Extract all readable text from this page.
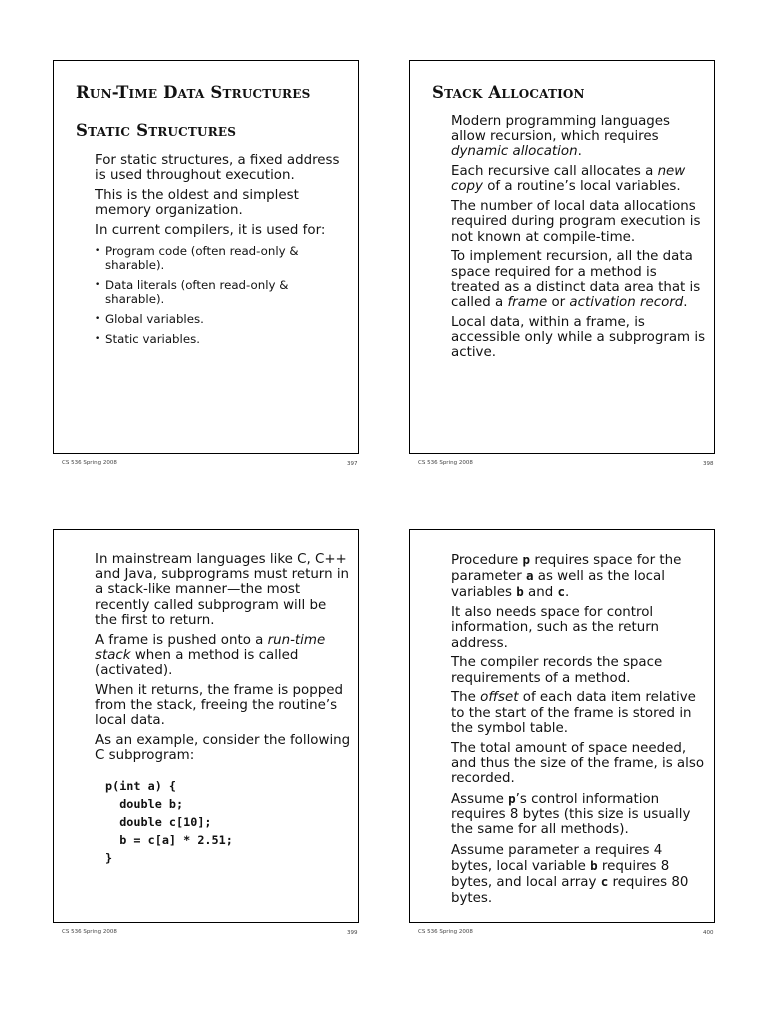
Run-Time Data Structures
Static Structures

For static structures, a fixed address is used throughout execution.

This is the oldest and simplest memory organization.

In current compilers, it is used for:

• Program code (often read-only & sharable).
• Data literals (often read-only & sharable).
• Global variables.
• Static variables.
CS 536 Spring 2008	397
Stack Allocation

Modern programming languages allow recursion, which requires dynamic allocation.

Each recursive call allocates a new copy of a routine’s local variables.

The number of local data allocations required during program execution is not known at compile-time.

To implement recursion, all the data space required for a method is treated as a distinct data area that is called a frame or activation record.

Local data, within a frame, is accessible only while a subprogram is active.

CS 536 Spring 2008	398

In mainstream languages like C, C++ and Java, subprograms must return in a stack-like manner—the most recently called subprogram will be the first to return.

A frame is pushed onto a run-time stack when a method is called (activated).

When it returns, the frame is popped from the stack, freeing the routine’s local data.

As an example, consider the following C subprogram:

p(int a) {
double b;
double c[10];
b = c[a] * 2.51;
}
CS 536 Spring 2008	399

Procedure p requires space for the parameter a as well as the local variables b and c.

It also needs space for control information, such as the return address.

The compiler records the space requirements of a method.

The offset of each data item relative to the start of the frame is stored in the symbol table.

The total amount of space needed, and thus the size of the frame, is also recorded.

Assume p’s control information requires 8 bytes (this size is usually the same for all methods).

Assume parameter a requires 4 bytes, local variable b requires 8 bytes, and local array c requires 80 bytes.

CS 536 Spring 2008	400
